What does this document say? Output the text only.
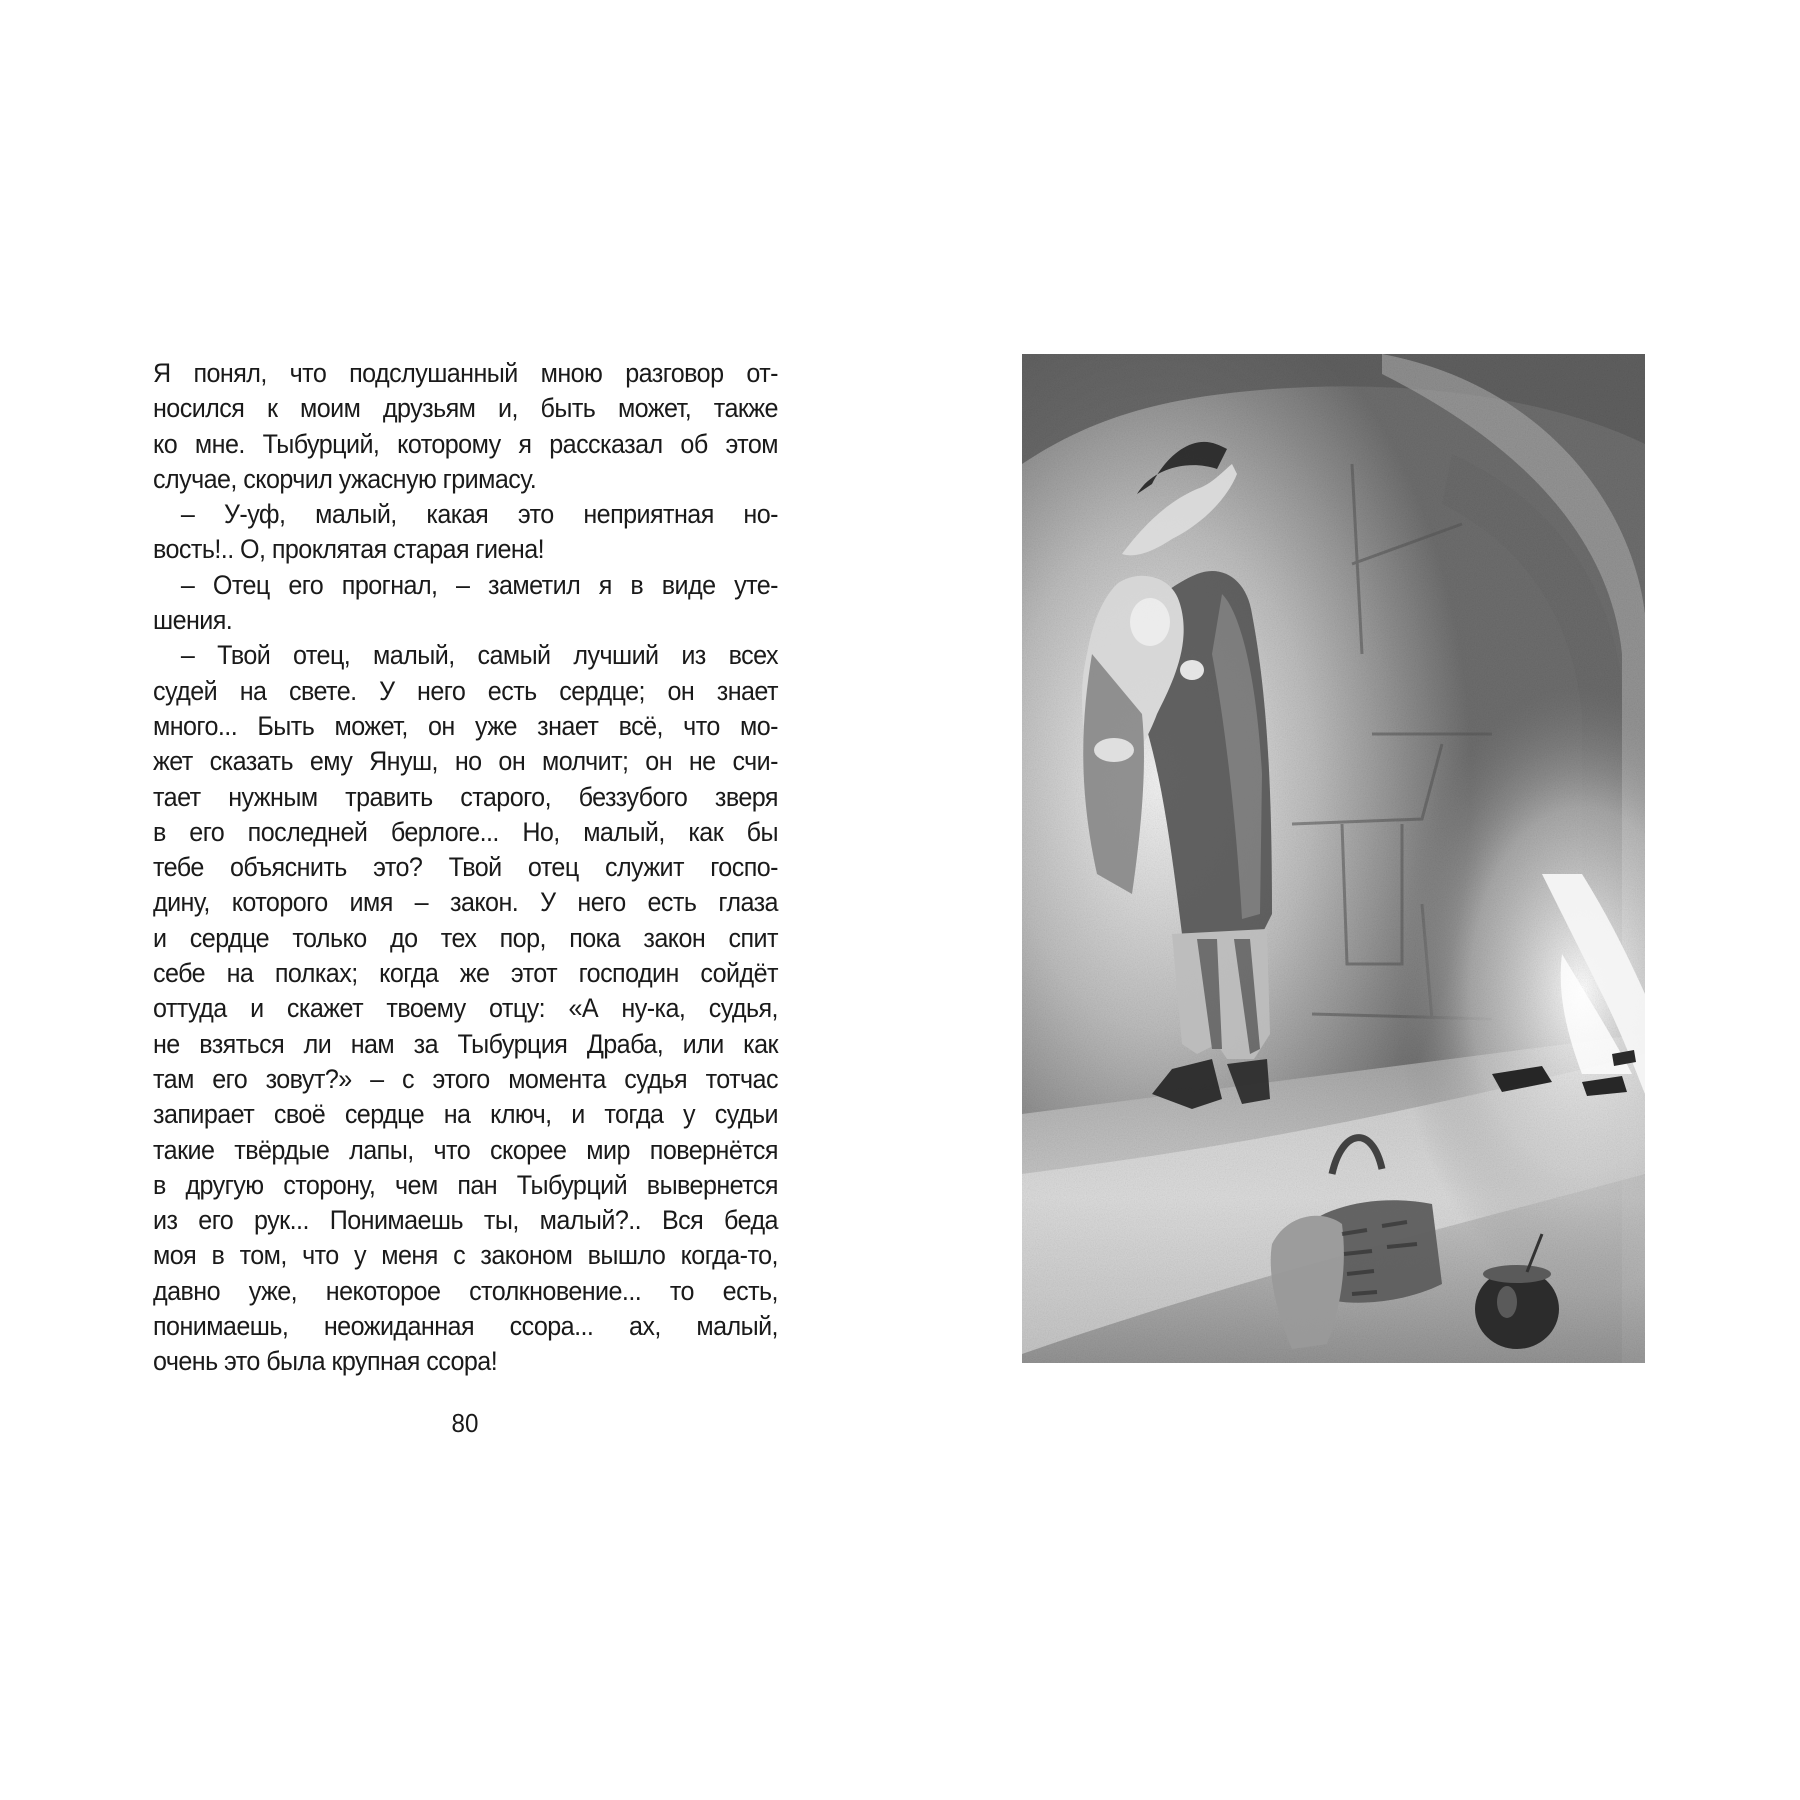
Я понял, что подслушанный мною разговор от-
носился к моим друзьям и, быть может, также
ко мне. Тыбурций, которому я рассказал об этом
случае, скорчил ужасную гримасу.
– У-уф, малый, какая это неприятная но-
вость!.. О, проклятая старая гиена!
– Отец его прогнал, – заметил я в виде уте-
шения.
– Твой отец, малый, самый лучший из всех
судей на свете. У него есть сердце; он знает
много... Быть может, он уже знает всё, что мо-
жет сказать ему Януш, но он молчит; он не счи-
тает нужным травить старого, беззубого зверя
в его последней берлоге... Но, малый, как бы
тебе объяснить это? Твой отец служит госпо-
дину, которого имя – закон. У него есть глаза
и сердце только до тех пор, пока закон спит
себе на полках; когда же этот господин сойдёт
оттуда и скажет твоему отцу: «А ну-ка, судья,
не взяться ли нам за Тыбурция Драба, или как
там его зовут?» – с этого момента судья тотчас
запирает своё сердце на ключ, и тогда у судьи
такие твёрдые лапы, что скорее мир повернётся
в другую сторону, чем пан Тыбурций вывернется
из его рук... Понимаешь ты, малый?.. Вся беда
моя в том, что у меня с законом вышло когда-то,
давно уже, некоторое столкновение... то есть,
понимаешь, неожиданная ссора... ах, малый,
очень это была крупная ссора!
80
